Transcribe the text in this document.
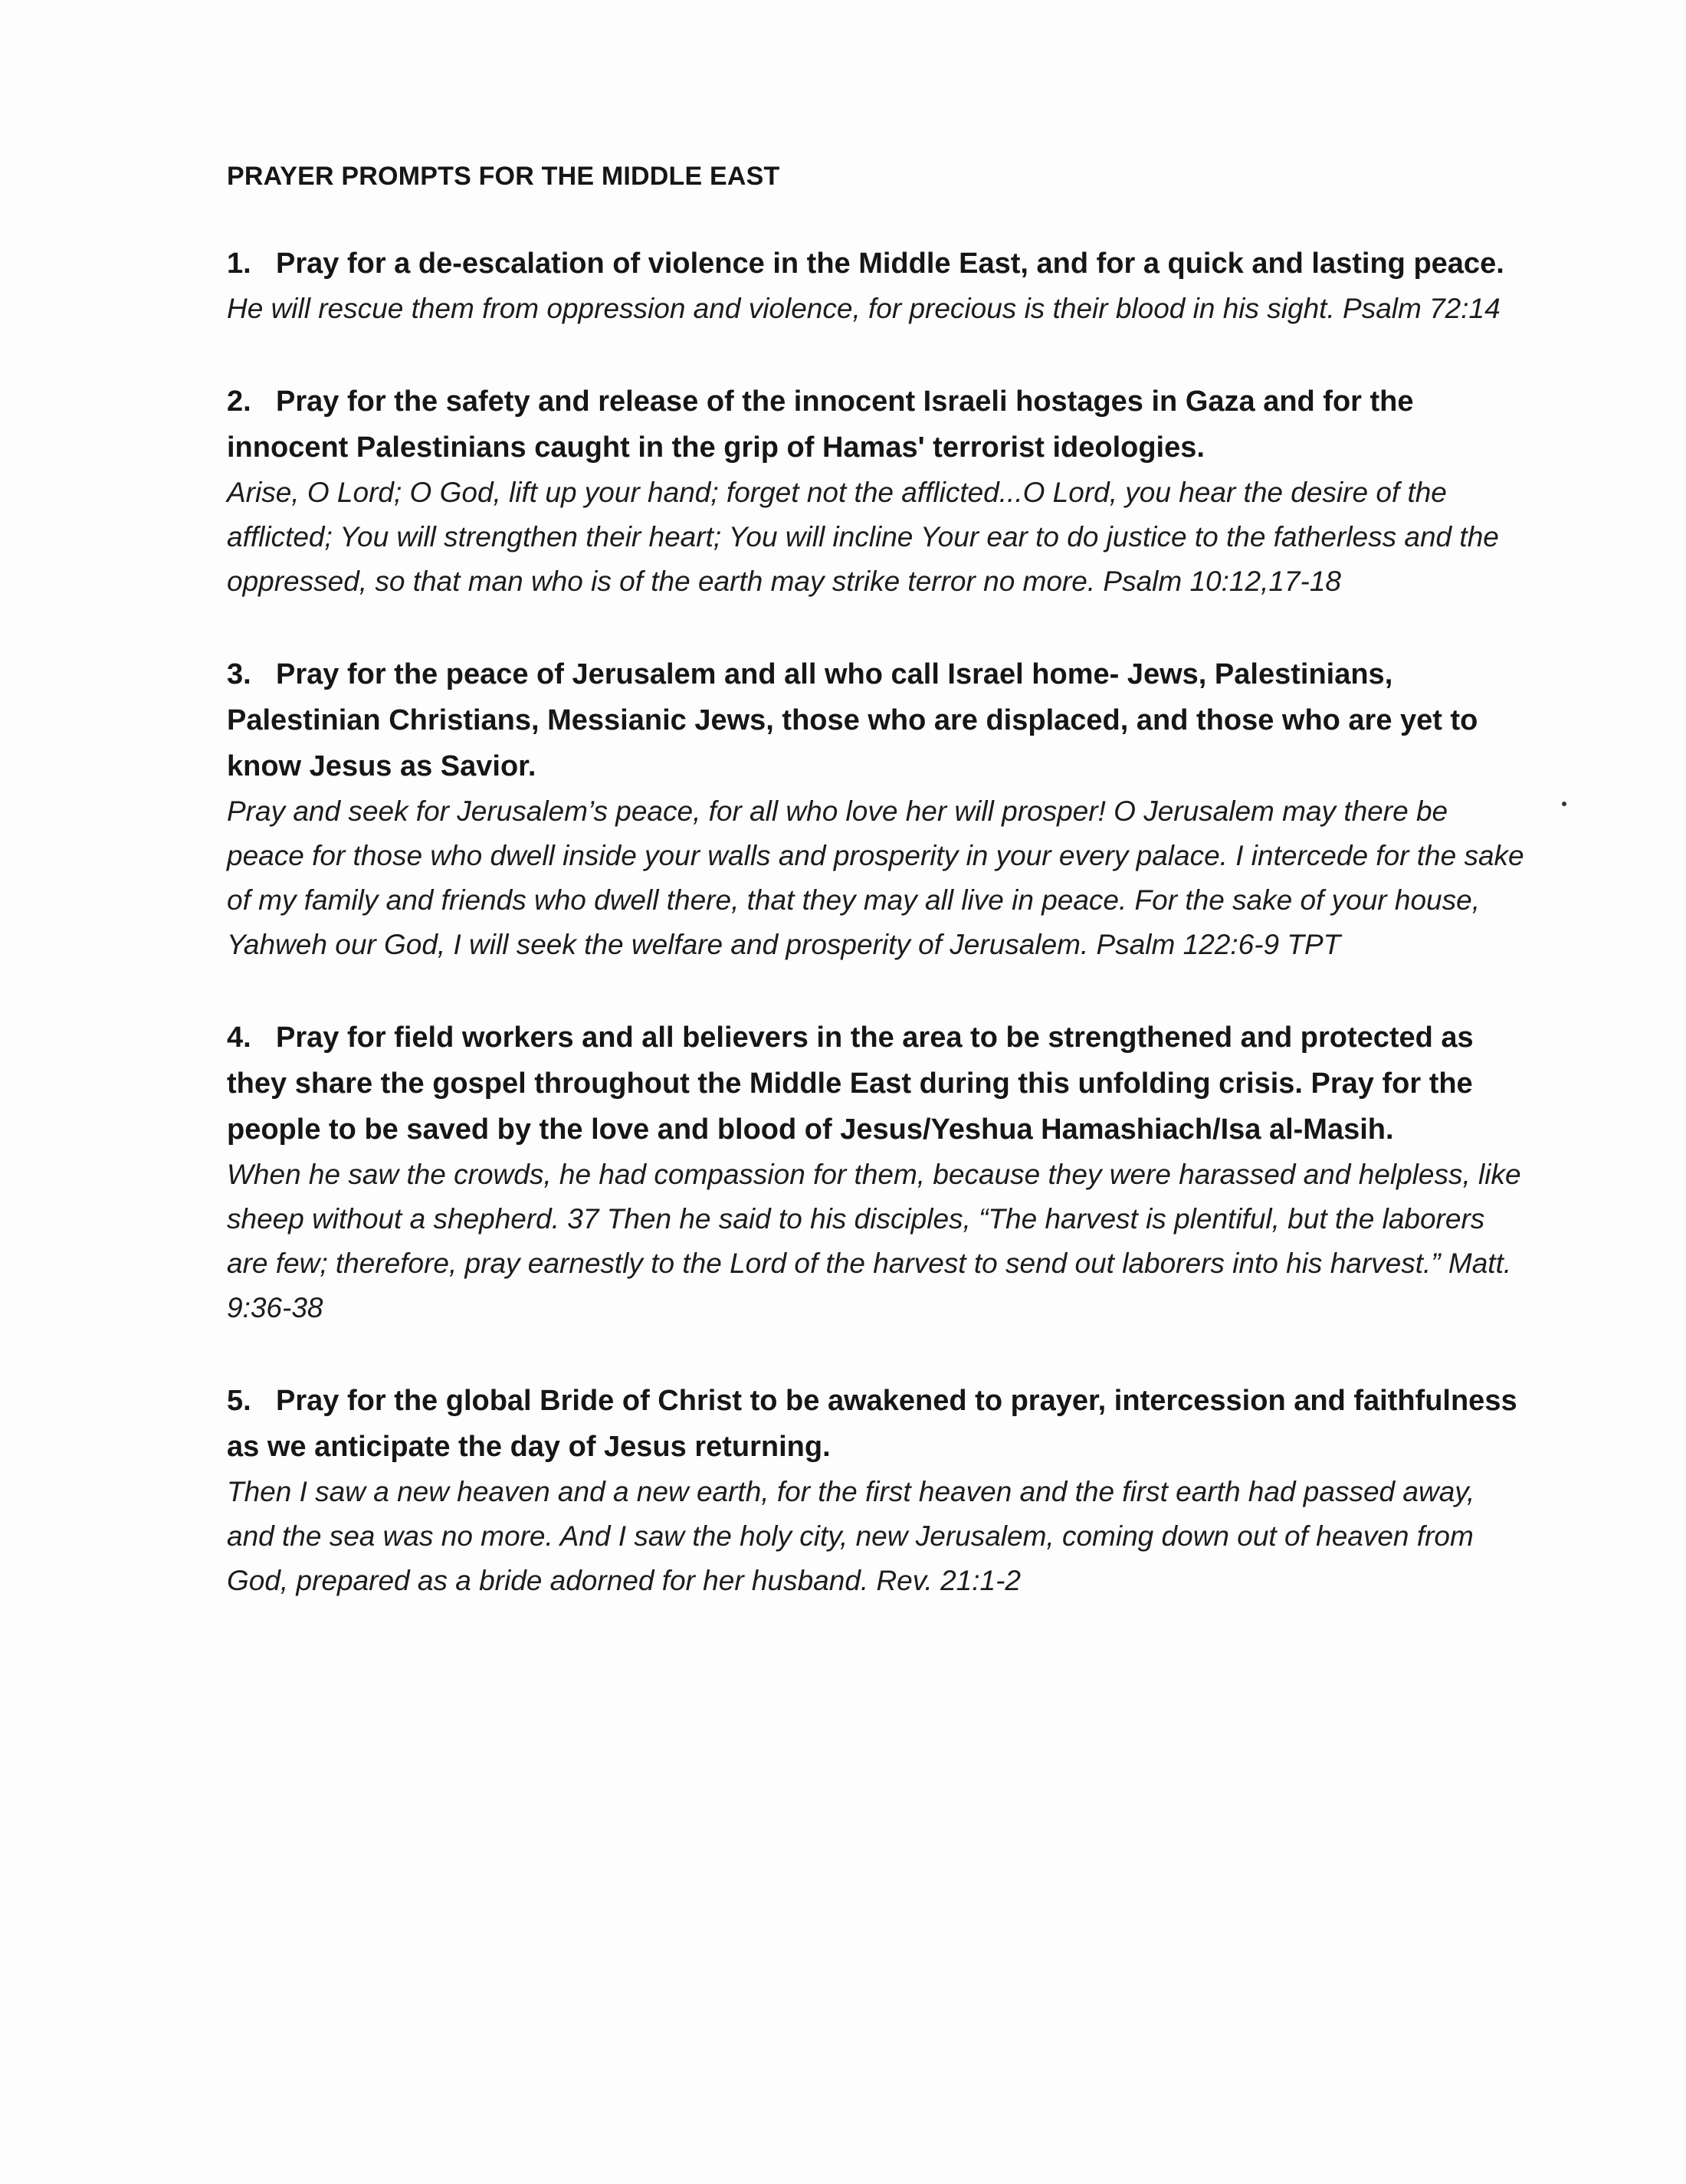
PRAYER PROMPTS FOR THE MIDDLE EAST

1. Pray for a de-escalation of violence in the Middle East, and for a quick and lasting peace.

He will rescue them from oppression and violence, for precious is their blood in his sight. Psalm 72:14

2. Pray for the safety and release of the innocent Israeli hostages in Gaza and for the innocent Palestinians caught in the grip of Hamas' terrorist ideologies.

Arise, O Lord; O God, lift up your hand; forget not the afflicted...O Lord, you hear the desire of the afflicted; You will strengthen their heart; You will incline Your ear to do justice to the fatherless and the oppressed, so that man who is of the earth may strike terror no more. Psalm 10:12,17-18

3. Pray for the peace of Jerusalem and all who call Israel home- Jews, Palestinians, Palestinian Christians, Messianic Jews, those who are displaced, and those who are yet to know Jesus as Savior.

Pray and seek for Jerusalem’s peace, for all who love her will prosper! O Jerusalem may there be peace for those who dwell inside your walls and prosperity in your every palace. I intercede for the sake of my family and friends who dwell there, that they may all live in peace. For the sake of your house, Yahweh our God, I will seek the welfare and prosperity of Jerusalem. Psalm 122:6-9 TPT

4. Pray for field workers and all believers in the area to be strengthened and protected as they share the gospel throughout the Middle East during this unfolding crisis. Pray for the people to be saved by the love and blood of Jesus/Yeshua Hamashiach/Isa al-Masih.

When he saw the crowds, he had compassion for them, because they were harassed and helpless, like sheep without a shepherd. 37 Then he said to his disciples, “The harvest is plentiful, but the laborers are few; therefore, pray earnestly to the Lord of the harvest to send out laborers into his harvest.” Matt. 9:36-38

5. Pray for the global Bride of Christ to be awakened to prayer, intercession and faithfulness as we anticipate the day of Jesus returning.

Then I saw a new heaven and a new earth, for the first heaven and the first earth had passed away, and the sea was no more. And I saw the holy city, new Jerusalem, coming down out of heaven from God, prepared as a bride adorned for her husband. Rev. 21:1-2
